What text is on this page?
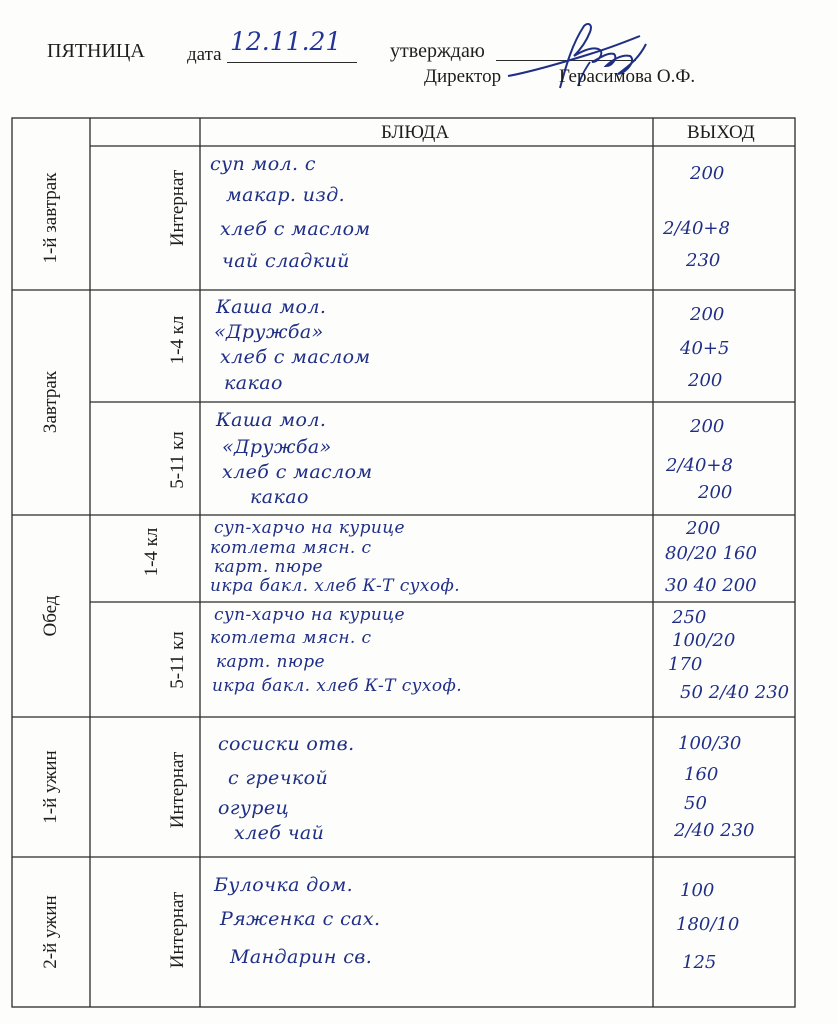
ПЯТНИЦА дата 12.11.21 утверждаю
Директор	Герасимова О.Ф.
БЛЮДА	ВЫХОД
1-й завтрак
Завтрак
Обед
1-й ужин
2-й ужин
Интернат
1-4 кл
5-11 кл
1-4 кл
5-11 кл
Интернат
Интернат
суп мол. с
макар. изд.
хлеб с маслом
чай сладкий
200
2/40+8
230
Каша мол.
«Дружба»
хлеб с маслом
какао
200
40+5
200
Каша мол.
«Дружба»
хлеб с маслом
какао
200
2/40+8
200
суп-харчо на курице
котлета мясн. с
карт. пюре
икра бакл. хлеб К-Т сухоф.
200
80/20 160
30 40 200
суп-харчо на курице
котлета мясн. с
карт. пюре
икра бакл. хлеб К-Т сухоф.
250
100/20
170
50 2/40 230
сосиски отв.
с гречкой
огурец
хлеб чай
100/30
160
50
2/40 230
Булочка дом.
Ряженка с сах.
Мандарин св.
100
180/10
125
